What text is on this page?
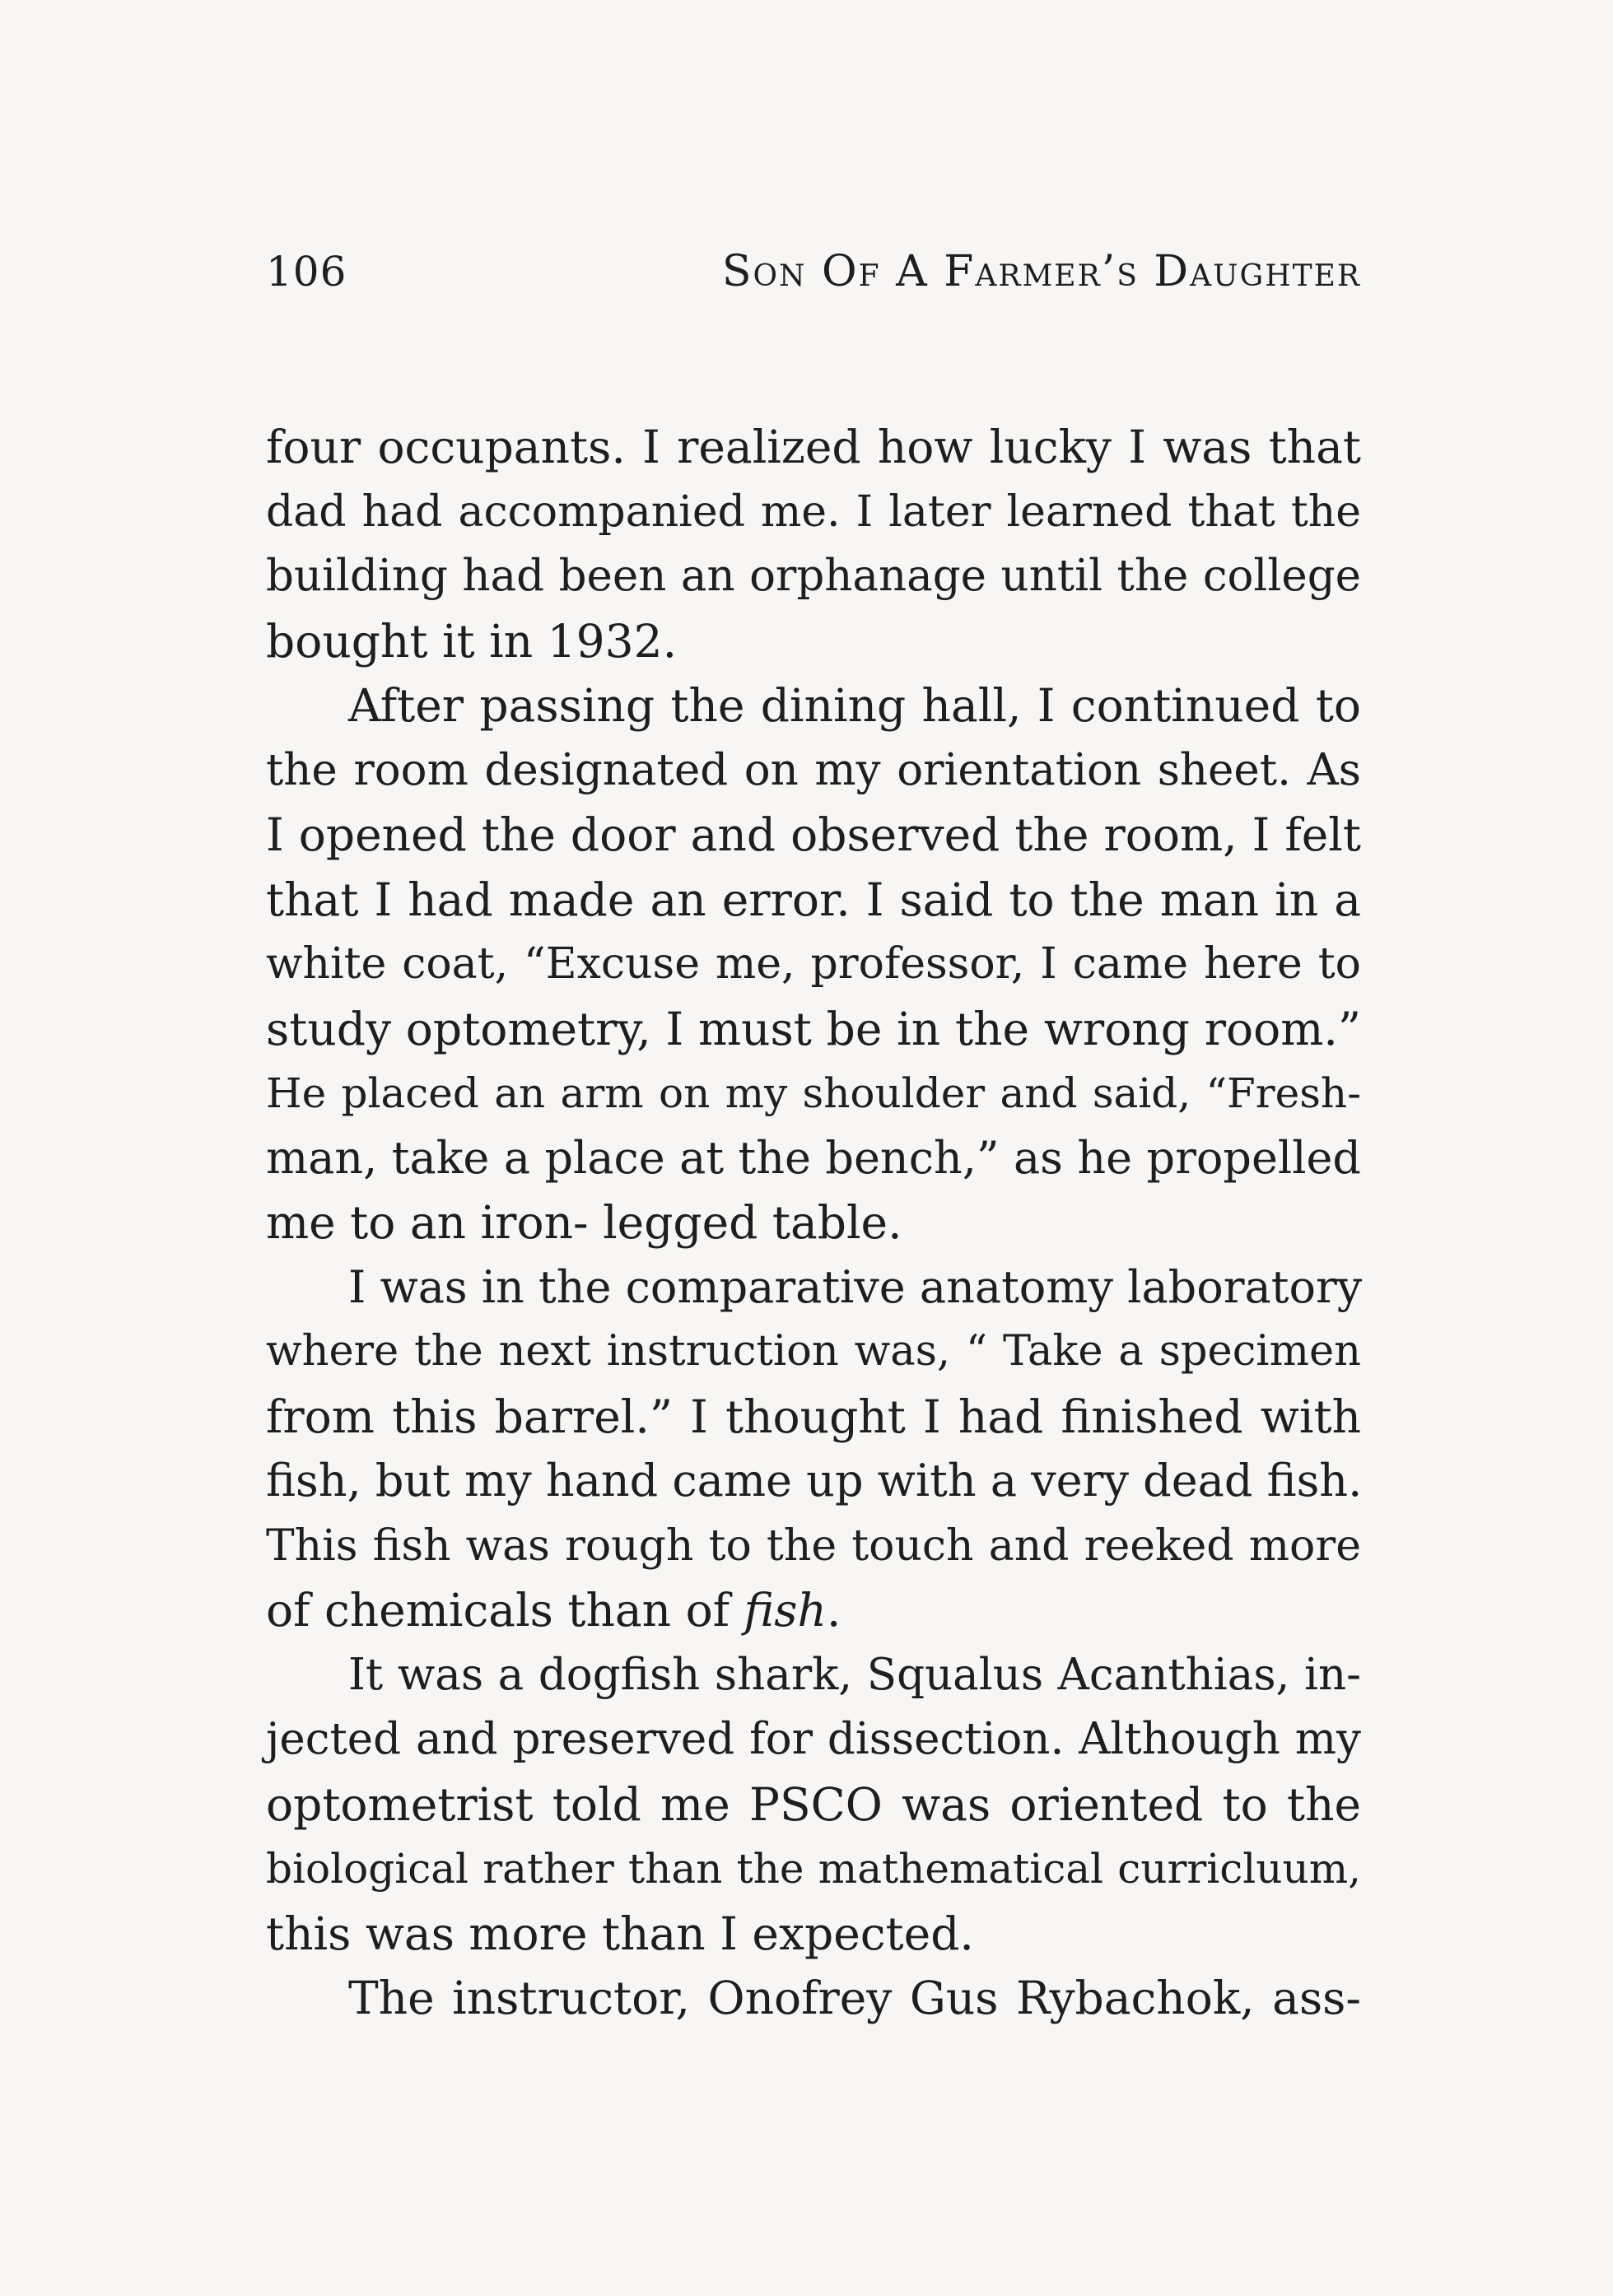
106	Son Of A Farmer’s Daughter
four occupants. I realized how lucky I was that
dad had accompanied me. I later learned that the
building had been an orphanage until the college
bought it in 1932.
After passing the dining hall, I continued to
the room designated on my orientation sheet. As
I opened the door and observed the room, I felt
that I had made an error. I said to the man in a
white coat, “Excuse me, professor, I came here to
study optometry, I must be in the wrong room.”
He placed an arm on my shoulder and said, “Fresh-
man, take a place at the bench,” as he propelled
me to an iron- legged table.
I was in the comparative anatomy laboratory
where the next instruction was, “ Take a specimen
from this barrel.” I thought I had finished with
fish, but my hand came up with a very dead fish.
This fish was rough to the touch and reeked more
of chemicals than of fish.
It was a dogfish shark, Squalus Acanthias, in-
jected and preserved for dissection. Although my
optometrist told me PSCO was oriented to the
biological rather than the mathematical curricluum,
this was more than I expected.
The instructor, Onofrey Gus Rybachok, ass-
